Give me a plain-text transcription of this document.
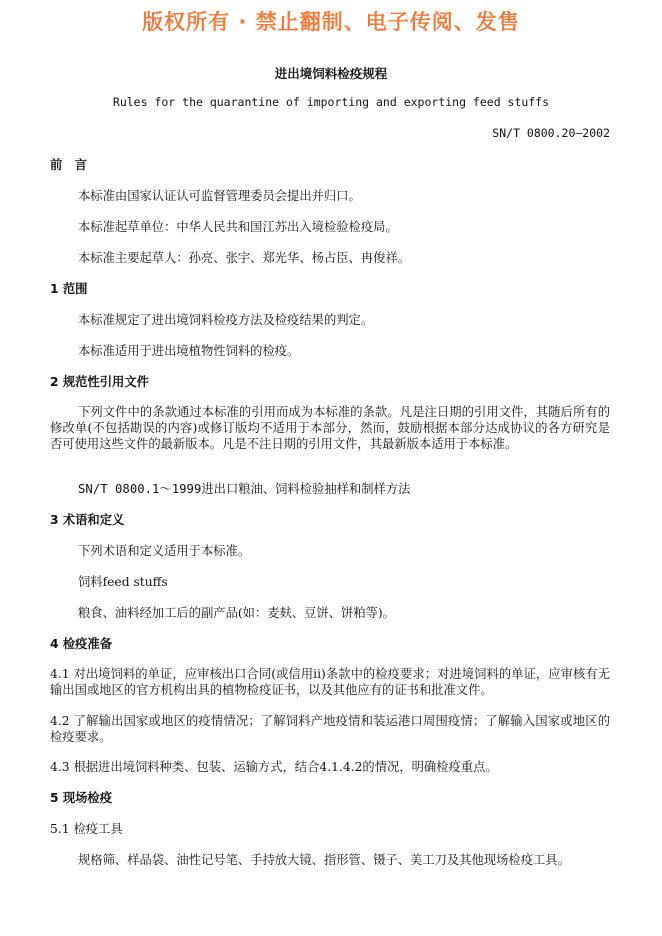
版权所有 · 禁止翻制、电子传阅、发售
进出境饲料检疫规程
Rules for the quarantine of importing and exporting feed stuffs
SN/T 0800.20—2002
前　言
本标准由国家认证认可监督管理委员会提出并归口。
本标准起草单位：中华人民共和国江苏出入境检验检疫局。
本标准主要起草人：孙亮、张宇、郑光华、杨占臣、冉俊祥。
1 范围
本标准规定了进出境饲料检疫方法及检疫结果的判定。
本标准适用于进出境植物性饲料的检疫。
2 规范性引用文件
下列文件中的条款通过本标准的引用而成为本标准的条款。凡是注日期的引用文件，其随后所有的修改单(不包括勘误的内容)或修订版均不适用于本部分，然而，鼓励根据本部分达成协议的各方研究是否可使用这些文件的最新版本。凡是不注日期的引用文件，其最新版本适用于本标准。
SN/T 0800.1～1999进出口粮油、饲料检验抽样和制样方法
3 术语和定义
下列术语和定义适用于本标准。
饲料feed stuffs
粮食、油料经加工后的副产品(如：麦麸、豆饼、饼粕等)。
4 检疫准备
4.1 对出境饲料的单证，应审核出口合同(或信用ii)条款中的检疫要求；对进境饲料的单证，应审核有无输出国或地区的官方机构出具的植物检疫证书，以及其他应有的证书和批准文件。
4.2 了解输出国家或地区的疫情情况；了解饲料产地疫情和装运港口周围疫情；了解输入国家或地区的检疫要求。
4.3 根据进出境饲料种类、包装、运输方式，结合4.1.4.2的情况，明确检疫重点。
5 现场检疫
5.1 检疫工具
规格筛、样品袋、油性记号笔、手持放大镜、指形管、镊子、美工刀及其他现场检疫工具。
